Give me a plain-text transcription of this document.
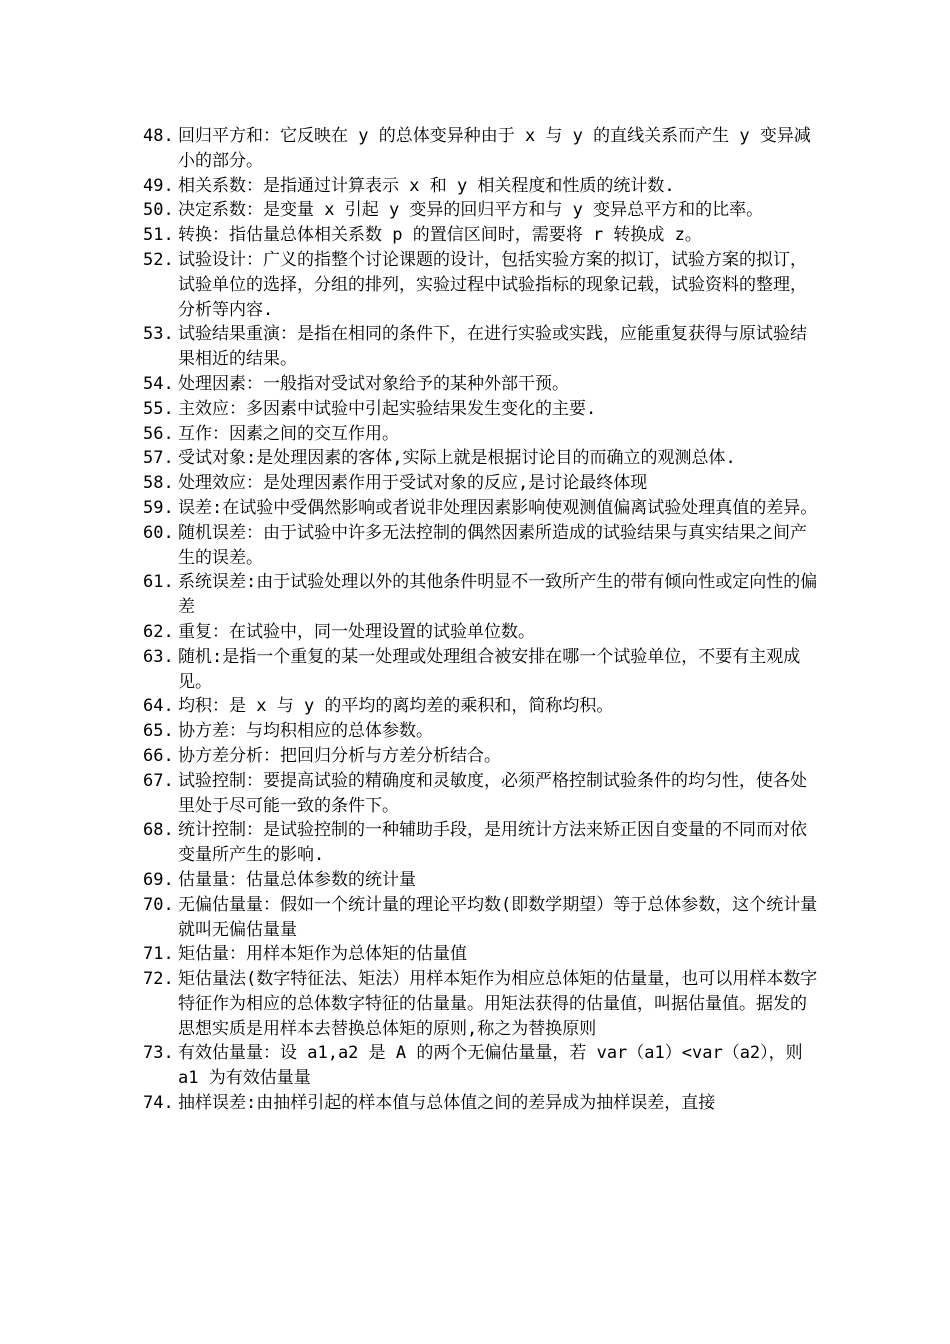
48. 回归平方和：它反映在 y 的总体变异种由于 x 与 y 的直线关系而产生 y 变异减小的部分。
49. 相关系数：是指通过计算表示 x 和 y 相关程度和性质的统计数.
50. 决定系数：是变量 x 引起 y 变异的回归平方和与 y 变异总平方和的比率。
51. 转换：指估量总体相关系数 p 的置信区间时，需要将 r 转换成 z。
52. 试验设计：广义的指整个讨论课题的设计，包括实验方案的拟订，试验方案的拟订，试验单位的选择，分组的排列，实验过程中试验指标的现象记载，试验资料的整理，分析等内容.
53. 试验结果重演：是指在相同的条件下，在进行实验或实践，应能重复获得与原试验结果相近的结果。
54. 处理因素：一般指对受试对象给予的某种外部干预。
55. 主效应：多因素中试验中引起实验结果发生变化的主要.
56. 互作：因素之间的交互作用。
57. 受试对象:是处理因素的客体,实际上就是根据讨论目的而确立的观测总体.
58. 处理效应：是处理因素作用于受试对象的反应,是讨论最终体现
59. 误差:在试验中受偶然影响或者说非处理因素影响使观测值偏离试验处理真值的差异。
60. 随机误差：由于试验中许多无法控制的偶然因素所造成的试验结果与真实结果之间产生的误差。
61. 系统误差:由于试验处理以外的其他条件明显不一致所产生的带有倾向性或定向性的偏差
62. 重复：在试验中，同一处理设置的试验单位数。
63. 随机:是指一个重复的某一处理或处理组合被安排在哪一个试验单位，不要有主观成见。
64. 均积：是 x 与 y 的平均的离均差的乘积和，简称均积。
65. 协方差：与均积相应的总体参数。
66. 协方差分析：把回归分析与方差分析结合。
67. 试验控制：要提高试验的精确度和灵敏度，必须严格控制试验条件的均匀性，使各处里处于尽可能一致的条件下。
68. 统计控制：是试验控制的一种辅助手段，是用统计方法来矫正因自变量的不同而对依变量所产生的影响.
69. 估量量：估量总体参数的统计量
70. 无偏估量量：假如一个统计量的理论平均数(即数学期望）等于总体参数，这个统计量就叫无偏估量量
71. 矩估量：用样本矩作为总体矩的估量值
72. 矩估量法(数字特征法、矩法）用样本矩作为相应总体矩的估量量，也可以用样本数字特征作为相应的总体数字特征的估量量。用矩法获得的估量值，叫据估量值。据发的思想实质是用样本去替换总体矩的原则,称之为替换原则
73. 有效估量量：设 a1,a2 是 A 的两个无偏估量量，若 var（a1）<var（a2），则 a1 为有效估量量
74. 抽样误差:由抽样引起的样本值与总体值之间的差异成为抽样误差，直接
